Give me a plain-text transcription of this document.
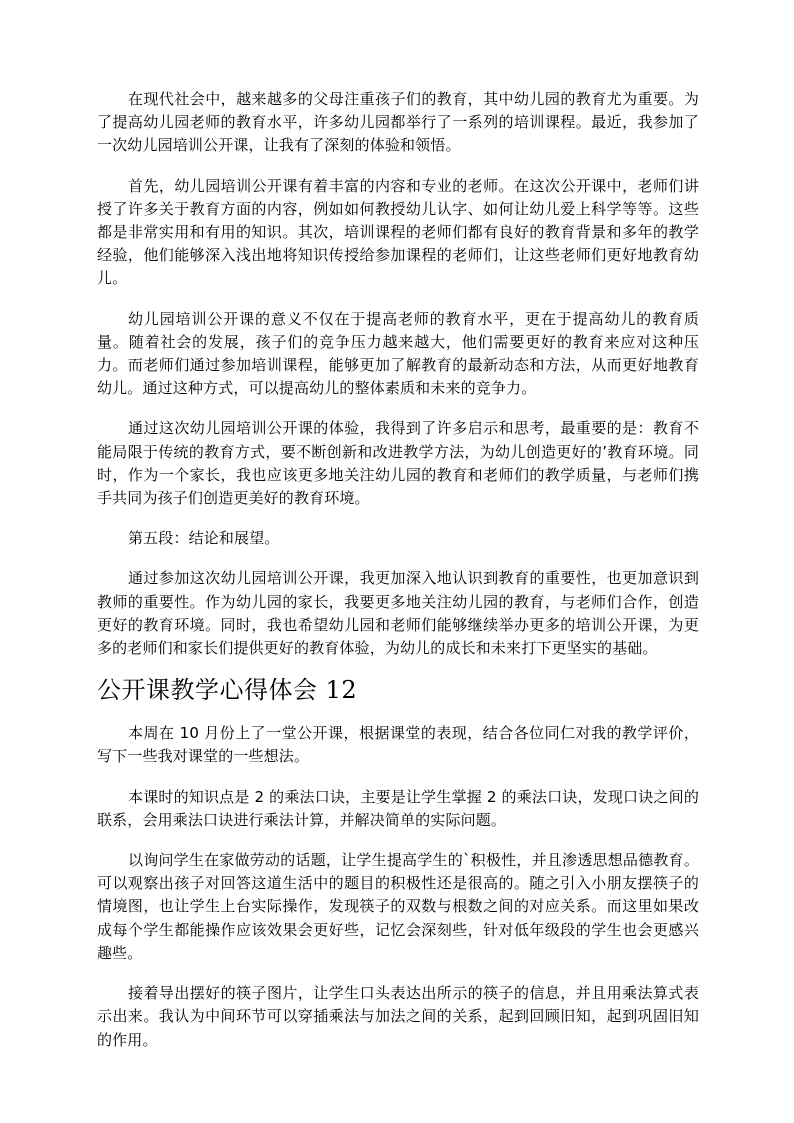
在现代社会中，越来越多的父母注重孩子们的教育，其中幼儿园的教育尤为重要。为了提高幼儿园老师的教育水平，许多幼儿园都举行了一系列的培训课程。最近，我参加了一次幼儿园培训公开课，让我有了深刻的体验和领悟。

首先，幼儿园培训公开课有着丰富的内容和专业的老师。在这次公开课中，老师们讲授了许多关于教育方面的内容，例如如何教授幼儿认字、如何让幼儿爱上科学等等。这些都是非常实用和有用的知识。其次，培训课程的老师们都有良好的教育背景和多年的教学经验，他们能够深入浅出地将知识传授给参加课程的老师们，让这些老师们更好地教育幼儿。

幼儿园培训公开课的意义不仅在于提高老师的教育水平，更在于提高幼儿的教育质量。随着社会的发展，孩子们的竞争压力越来越大，他们需要更好的教育来应对这种压力。而老师们通过参加培训课程，能够更加了解教育的最新动态和方法，从而更好地教育幼儿。通过这种方式，可以提高幼儿的整体素质和未来的竞争力。

通过这次幼儿园培训公开课的体验，我得到了许多启示和思考，最重要的是：教育不能局限于传统的教育方式，要不断创新和改进教学方法，为幼儿创造更好的’教育环境。同时，作为一个家长，我也应该更多地关注幼儿园的教育和老师们的教学质量，与老师们携手共同为孩子们创造更美好的教育环境。

第五段：结论和展望。

通过参加这次幼儿园培训公开课，我更加深入地认识到教育的重要性，也更加意识到教师的重要性。作为幼儿园的家长，我要更多地关注幼儿园的教育，与老师们合作，创造更好的教育环境。同时，我也希望幼儿园和老师们能够继续举办更多的培训公开课，为更多的老师们和家长们提供更好的教育体验，为幼儿的成长和未来打下更坚实的基础。

公开课教学心得体会 12

本周在 10 月份上了一堂公开课，根据课堂的表现，结合各位同仁对我的教学评价，写下一些我对课堂的一些想法。

本课时的知识点是 2 的乘法口诀，主要是让学生掌握 2 的乘法口诀，发现口诀之间的联系，会用乘法口诀进行乘法计算，并解决简单的实际问题。

以询问学生在家做劳动的话题，让学生提高学生的`积极性，并且渗透思想品德教育。可以观察出孩子对回答这道生活中的题目的积极性还是很高的。随之引入小朋友摆筷子的情境图，也让学生上台实际操作，发现筷子的双数与根数之间的对应关系。而这里如果改成每个学生都能操作应该效果会更好些，记忆会深刻些，针对低年级段的学生也会更感兴趣些。

接着导出摆好的筷子图片，让学生口头表达出所示的筷子的信息，并且用乘法算式表示出来。我认为中间环节可以穿插乘法与加法之间的关系，起到回顾旧知，起到巩固旧知的作用。
